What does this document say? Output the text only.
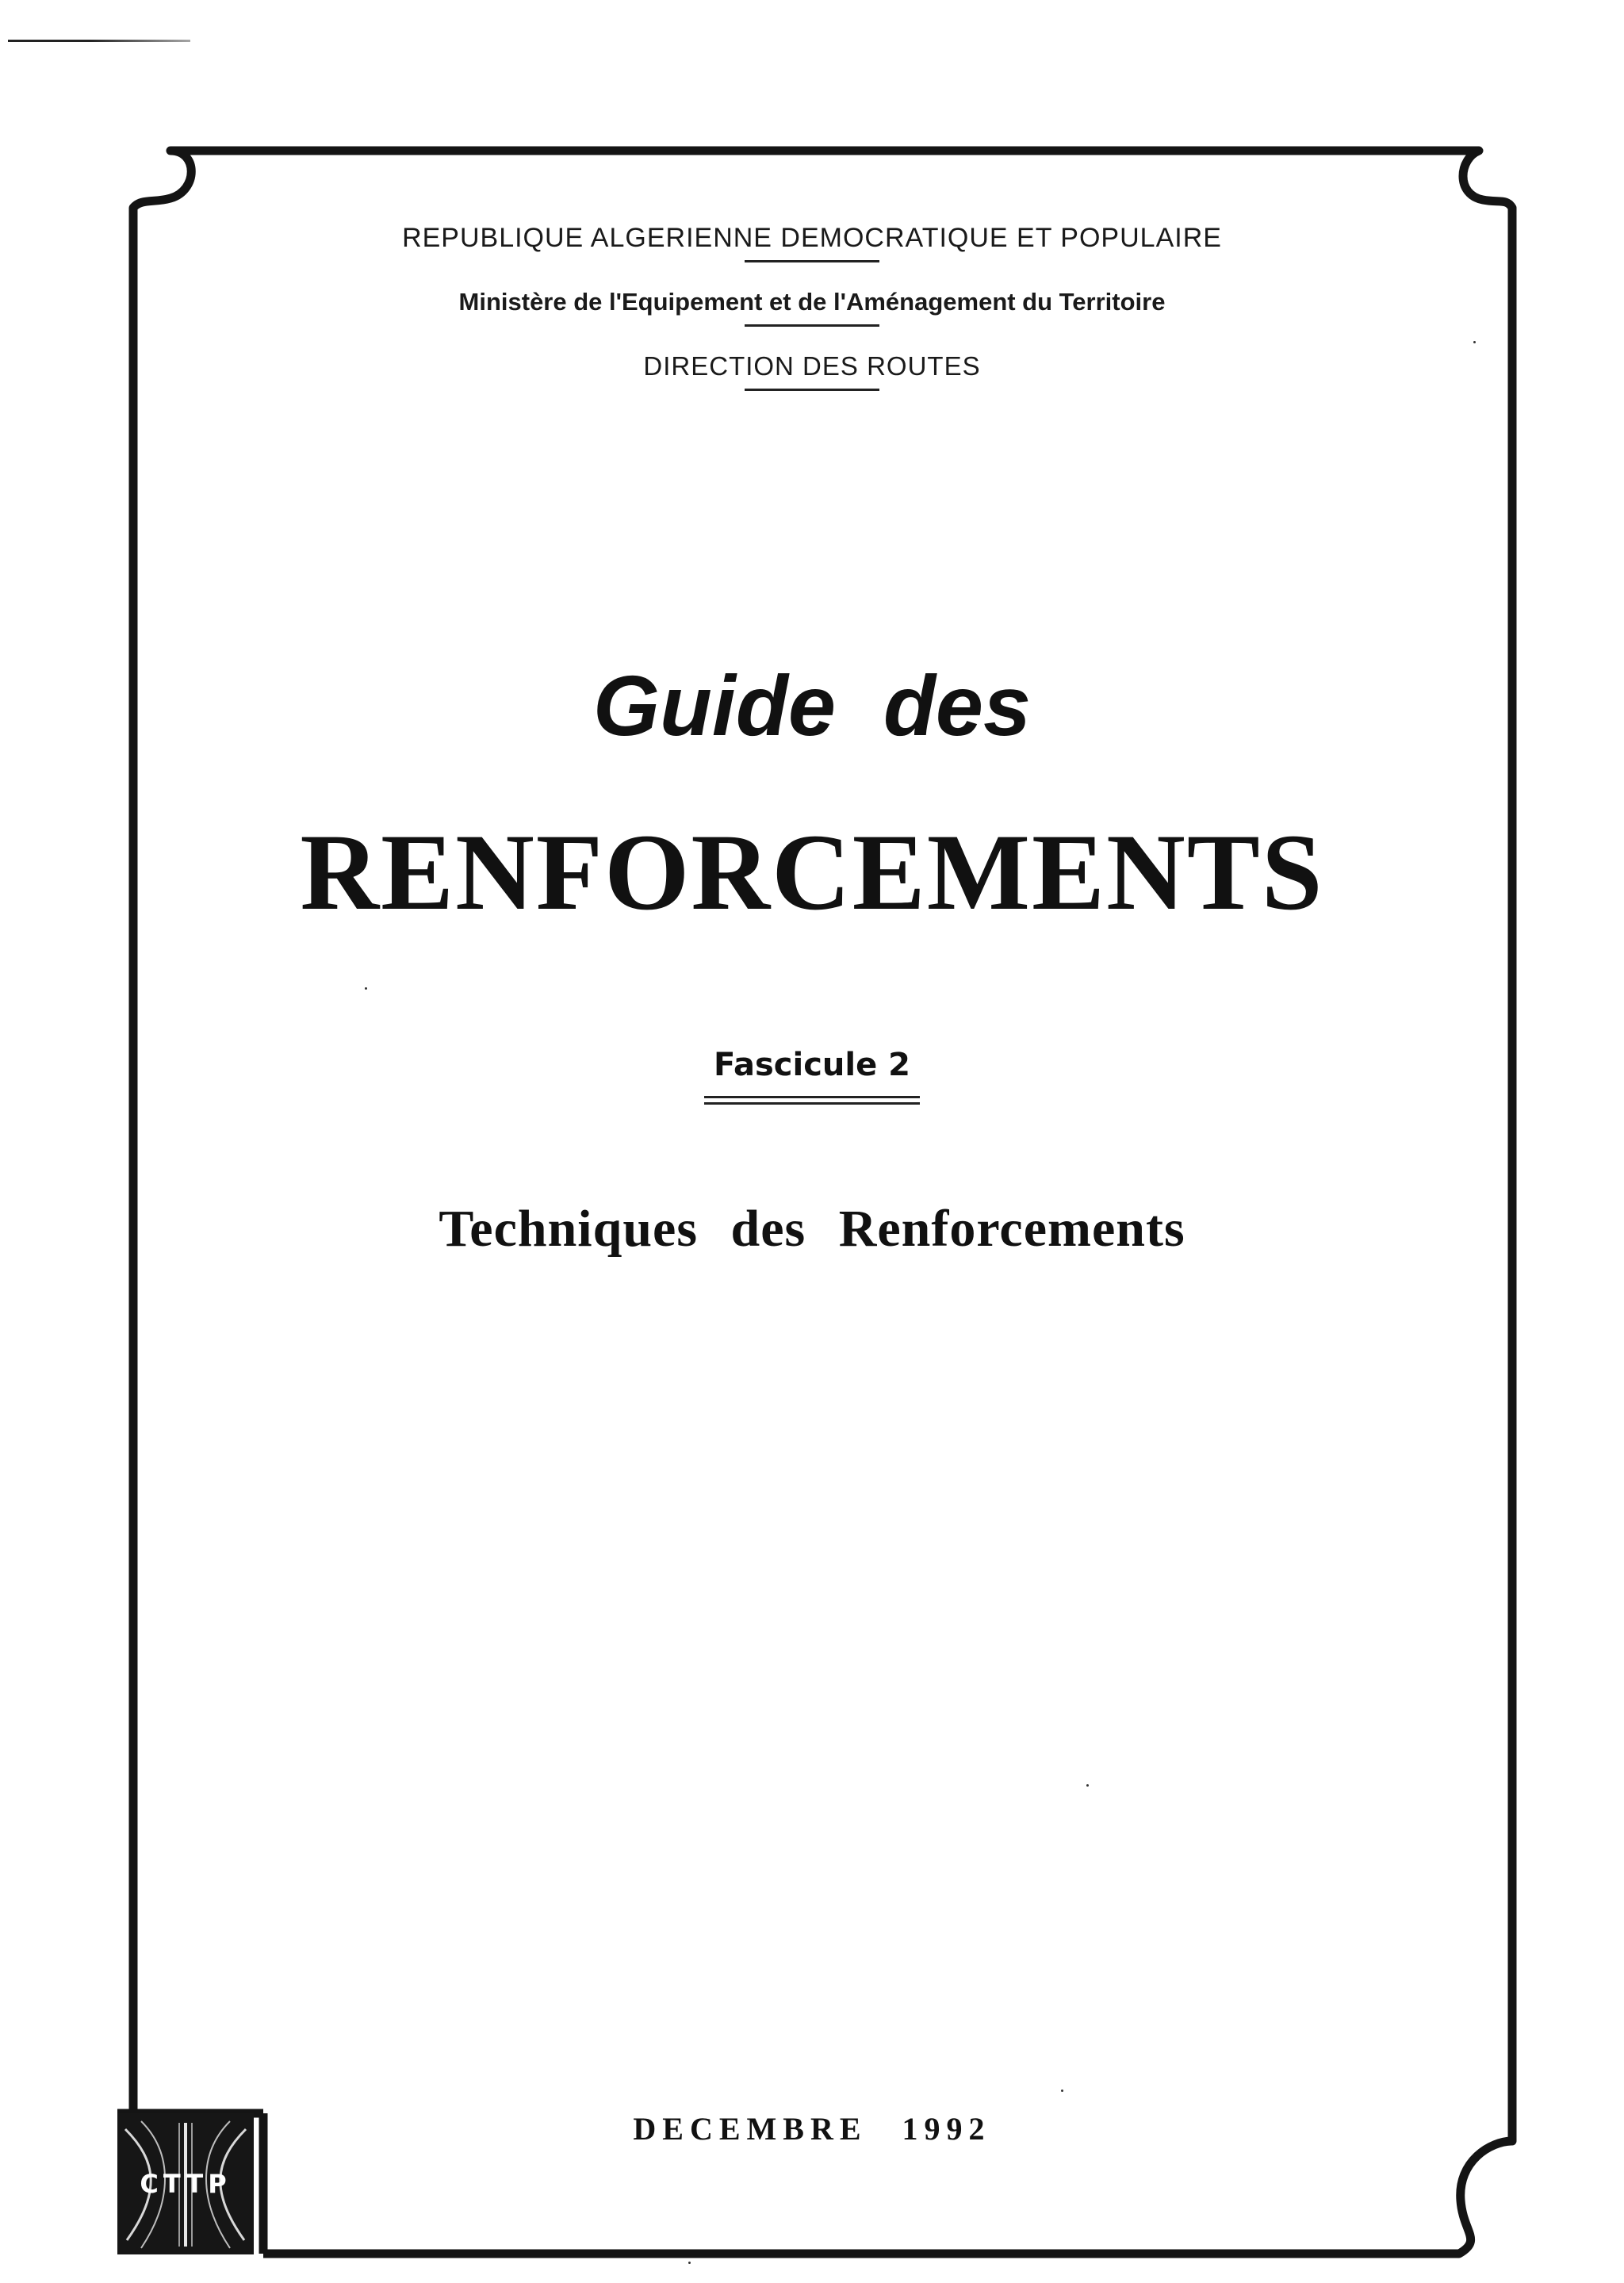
REPUBLIQUE ALGERIENNE DEMOCRATIQUE ET POPULAIRE
Ministère de l'Equipement et de l'Aménagement du Territoire
DIRECTION DES ROUTES
Guide des
RENFORCEMENTS
Fascicule 2
Techniques des Renforcements
DECEMBRE 1992
CTTP
